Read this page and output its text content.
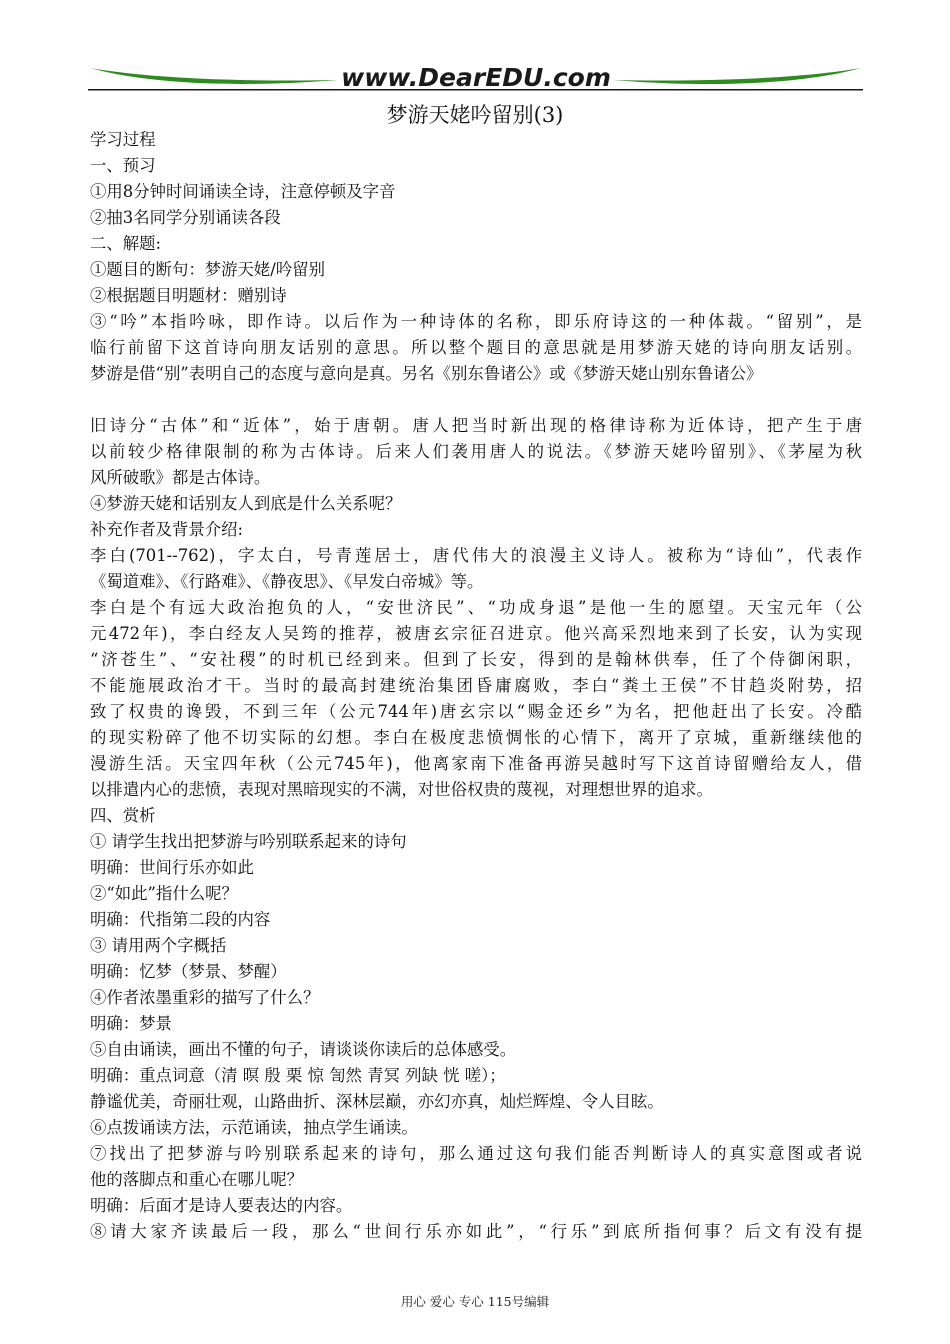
www.DearEDU.com
梦游天姥吟留别(3)

学习过程

一、预习

①用8分钟时间诵读全诗，注意停顿及字音

②抽3名同学分别诵读各段

二、解题:

①题目的断句：梦游天姥/吟留别

②根据题目明题材：赠别诗

③“吟”本指吟咏，即作诗。以后作为一种诗体的名称，即乐府诗这的一种体裁。“留别”，是

临行前留下这首诗向朋友话别的意思。所以整个题目的意思就是用梦游天姥的诗向朋友话别。

梦游是借“别”表明自己的态度与意向是真。另名《别东鲁诸公》或《梦游天姥山别东鲁诸公》

旧诗分“古体”和“近体”，始于唐朝。唐人把当时新出现的格律诗称为近体诗，把产生于唐

以前较少格律限制的称为古体诗。后来人们袭用唐人的说法。《梦游天姥吟留别》、《茅屋为秋

风所破歌》都是古体诗。

④梦游天姥和话别友人到底是什么关系呢？

补充作者及背景介绍:

李白(701--762)，字太白，号青莲居士，唐代伟大的浪漫主义诗人。被称为“诗仙”，代表作

《蜀道难》、《行路难》、《静夜思》、《早发白帝城》等。

李白是个有远大政治抱负的人，“安世济民”、“功成身退”是他一生的愿望。天宝元年（公

元472年)，李白经友人吴筠的推荐，被唐玄宗征召进京。他兴高采烈地来到了长安，认为实现

“济苍生”、“安社稷”的时机已经到来。但到了长安，得到的是翰林供奉，任了个侍御闲职，

不能施展政治才干。当时的最高封建统治集团昏庸腐败，李白“粪土王侯”不甘趋炎附势，招

致了权贵的谗毁，不到三年（公元744年)唐玄宗以“赐金还乡”为名，把他赶出了长安。冷酷

的现实粉碎了他不切实际的幻想。李白在极度悲愤惆怅的心情下，离开了京城，重新继续他的

漫游生活。天宝四年秋（公元745年)，他离家南下准备再游吴越时写下这首诗留赠给友人，借

以排遣内心的悲愤，表现对黑暗现实的不满，对世俗权贵的蔑视，对理想世界的追求。

四、赏析

① 请学生找出把梦游与吟别联系起来的诗句

明确：世间行乐亦如此

②“如此”指什么呢？

明确：代指第二段的内容

③ 请用两个字概括

明确：忆梦（梦景、梦醒）

④作者浓墨重彩的描写了什么？

明确：梦景

⑤自由诵读，画出不懂的句子，请谈谈你读后的总体感受。

明确：重点词意（清 暝 殷 栗 惊 訇然 青冥 列缺 恍 嗟）；

静谧优美，奇丽壮观，山路曲折、深林层巅，亦幻亦真，灿烂辉煌、令人目眩。

⑥点拨诵读方法，示范诵读，抽点学生诵读。

⑦找出了把梦游与吟别联系起来的诗句，那么通过这句我们能否判断诗人的真实意图或者说

他的落脚点和重心在哪儿呢？

明确：后面才是诗人要表达的内容。

⑧请大家齐读最后一段，那么“世间行乐亦如此”，“行乐”到底所指何事？后文有没有提

用心 爱心 专心 115号编辑
